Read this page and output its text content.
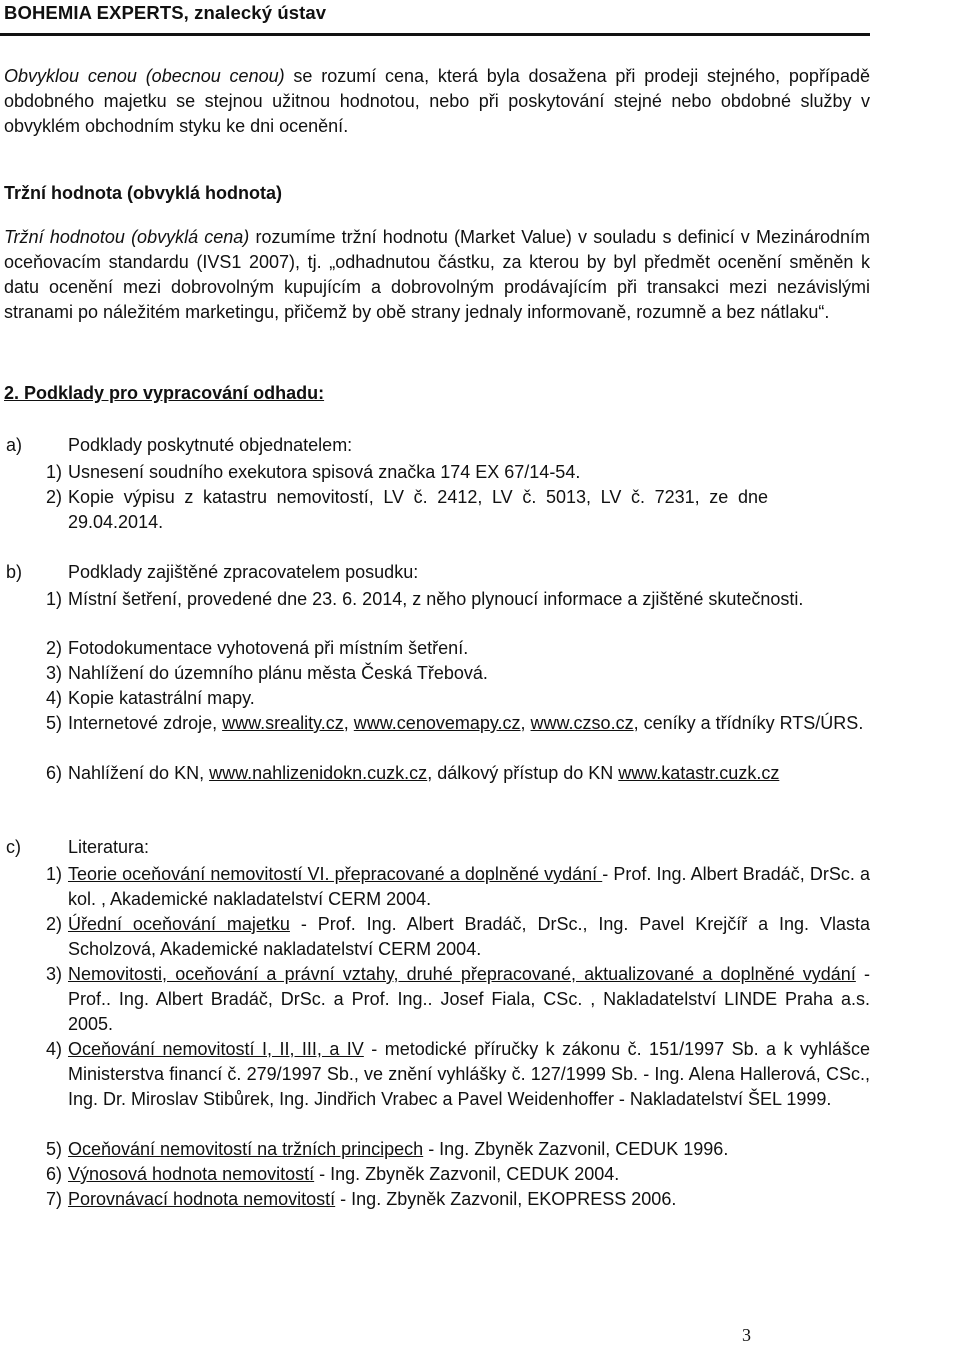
BOHEMIA EXPERTS, znalecký ústav
Obvyklou cenou (obecnou cenou) se rozumí cena, která byla dosažena při prodeji stejného, popřípadě obdobného majetku se stejnou užitnou hodnotou, nebo při poskytování stejné nebo obdobné služby v obvyklém obchodním styku ke dni ocenění.
Tržní hodnota (obvyklá hodnota)
Tržní hodnotou (obvyklá cena) rozumíme tržní hodnotu (Market Value) v souladu s definicí v Mezinárodním oceňovacím standardu (IVS1 2007), tj. „odhadnutou částku, za kterou by byl předmět ocenění směněn k datu ocenění mezi dobrovolným kupujícím a dobrovolným prodávajícím při transakci mezi nezávislými stranami po náležitém marketingu, přičemž by obě strany jednaly informovaně, rozumně a bez nátlaku“.
2. Podklady pro vypracování odhadu:
a)	Podklady poskytnuté objednatelem:
1) Usnesení soudního exekutora spisová značka 174 EX 67/14-54.
2) Kopie výpisu z katastru nemovitostí, LV č. 2412, LV č. 5013, LV č. 7231, ze dne 29.04.2014.
b)	Podklady zajištěné zpracovatelem posudku:
1) Místní šetření, provedené dne 23. 6. 2014, z něho plynoucí informace a zjištěné skutečnosti.
2) Fotodokumentace vyhotovená při místním šetření.
3) Nahlížení do územního plánu města Česká Třebová.
4) Kopie katastrální mapy.
5) Internetové zdroje, www.sreality.cz, www.cenovemapy.cz, www.czso.cz, ceníky a třídníky RTS/ÚRS.
6) Nahlížení do KN, www.nahlizenidokn.cuzk.cz, dálkový přístup do KN www.katastr.cuzk.cz
c)	Literatura:
1) Teorie oceňování nemovitostí VI. přepracované a doplněné vydání - Prof. Ing. Albert Bradáč, DrSc. a kol. , Akademické nakladatelství CERM 2004.
2) Úřední oceňování majetku - Prof. Ing. Albert Bradáč, DrSc., Ing. Pavel Krejčíř a Ing. Vlasta Scholzová, Akademické nakladatelství CERM 2004.
3) Nemovitosti, oceňování a právní vztahy, druhé přepracované, aktualizované a doplněné vydání - Prof.. Ing. Albert Bradáč, DrSc. a Prof. Ing.. Josef Fiala, CSc. , Nakladatelství LINDE Praha a.s. 2005.
4) Oceňování nemovitostí I, II, III, a IV - metodické příručky k zákonu č. 151/1997 Sb. a k vyhlášce Ministerstva financí č. 279/1997 Sb., ve znění vyhlášky č. 127/1999 Sb. - Ing. Alena Hallerová, CSc., Ing. Dr. Miroslav Stibůrek, Ing. Jindřich Vrabec a Pavel Weidenhoffer - Nakladatelství ŠEL 1999.
5) Oceňování nemovitostí na tržních principech - Ing. Zbyněk Zazvonil, CEDUK 1996.
6) Výnosová hodnota nemovitostí - Ing. Zbyněk Zazvonil, CEDUK 2004.
7) Porovnávací hodnota nemovitostí - Ing. Zbyněk Zazvonil, EKOPRESS 2006.
3
